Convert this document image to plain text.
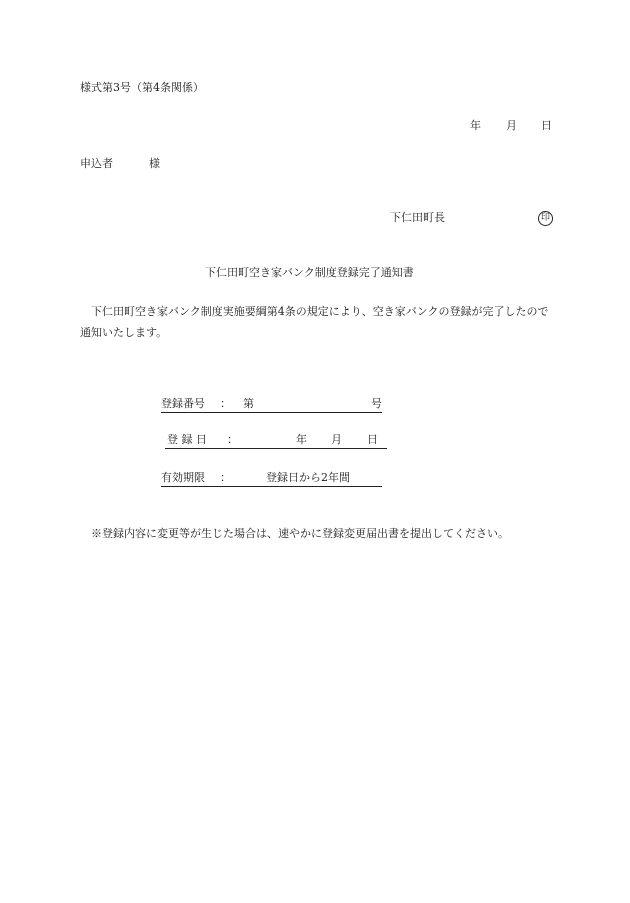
様式第3号（第4条関係）
年 月 日
申込者	様
下仁田町長	印
下仁田町空き家バンク制度登録完了通知書
下仁田町空き家バンク制度実施要綱第4条の規定により、空き家バンクの登録が完了したので通知いたします。
登録番号 ： 第	号
登 録 日 ：	年 月 日
有効期限 ：	登録日から2年間
※登録内容に変更等が生じた場合は、速やかに登録変更届出書を提出してください。
